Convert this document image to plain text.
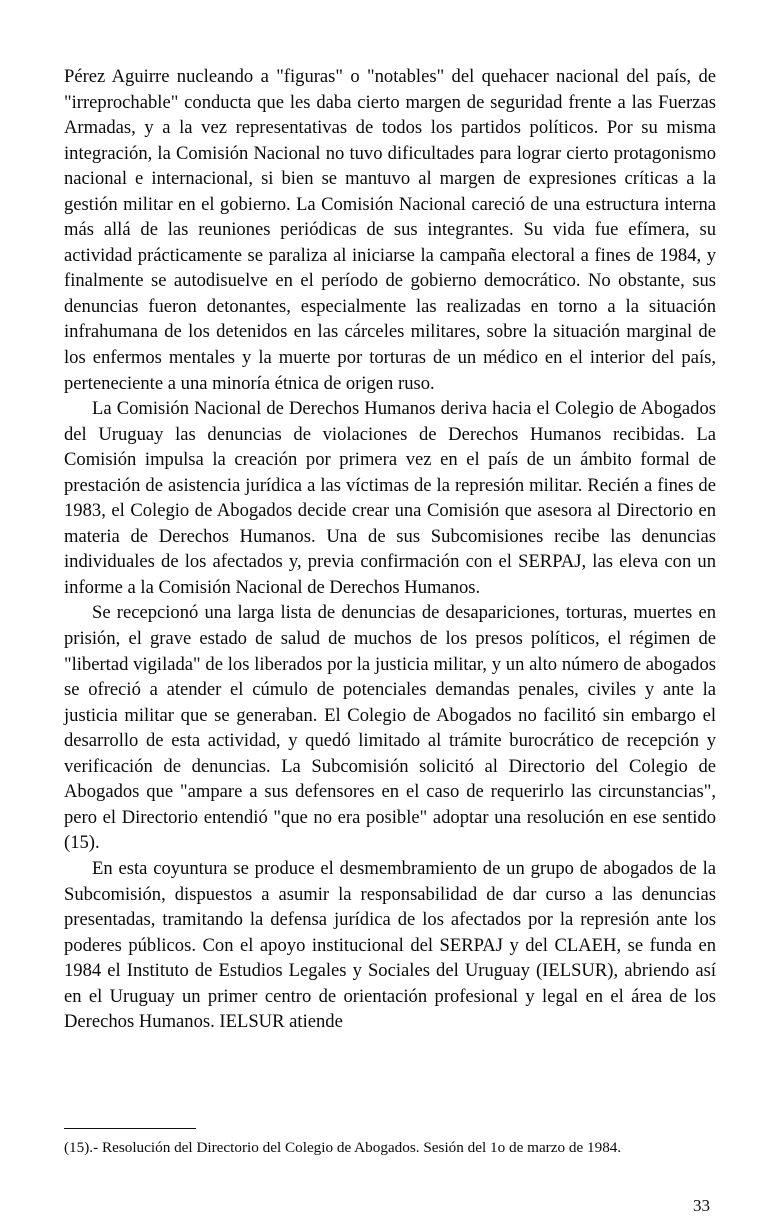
Pérez Aguirre nucleando a "figuras" o "notables" del quehacer nacional del país, de "irreprochable" conducta que les daba cierto margen de seguridad frente a las Fuerzas Armadas, y a la vez representativas de todos los partidos políticos. Por su misma integración, la Comisión Nacional no tuvo dificultades para lograr cierto protagonismo nacional e internacional, si bien se mantuvo al margen de expresiones críticas a la gestión militar en el gobierno. La Comisión Nacional careció de una estructura interna más allá de las reuniones periódicas de sus integrantes. Su vida fue efímera, su actividad prácticamente se paraliza al iniciarse la campaña electoral a fines de 1984, y finalmente se autodisuelve en el período de gobierno democrático. No obstante, sus denuncias fueron detonantes, especialmente las realizadas en torno a la situación infrahumana de los detenidos en las cárceles militares, sobre la situación marginal de los enfermos mentales y la muerte por torturas de un médico en el interior del país, perteneciente a una minoría étnica de origen ruso.

La Comisión Nacional de Derechos Humanos deriva hacia el Colegio de Abogados del Uruguay las denuncias de violaciones de Derechos Humanos recibidas. La Comisión impulsa la creación por primera vez en el país de un ámbito formal de prestación de asistencia jurídica a las víctimas de la represión militar. Recién a fines de 1983, el Colegio de Abogados decide crear una Comisión que asesora al Directorio en materia de Derechos Humanos. Una de sus Subcomisiones recibe las denuncias individuales de los afectados y, previa confirmación con el SERPAJ, las eleva con un informe a la Comisión Nacional de Derechos Humanos.

Se recepcionó una larga lista de denuncias de desapariciones, torturas, muertes en prisión, el grave estado de salud de muchos de los presos políticos, el régimen de "libertad vigilada" de los liberados por la justicia militar, y un alto número de abogados se ofreció a atender el cúmulo de potenciales demandas penales, civiles y ante la justicia militar que se generaban. El Colegio de Abogados no facilitó sin embargo el desarrollo de esta actividad, y quedó limitado al trámite burocrático de recepción y verificación de denuncias. La Subcomisión solicitó al Directorio del Colegio de Abogados que "ampare a sus defensores en el caso de requerirlo las circunstancias", pero el Directorio entendió "que no era posible" adoptar una resolución en ese sentido (15).

En esta coyuntura se produce el desmembramiento de un grupo de abogados de la Subcomisión, dispuestos a asumir la responsabilidad de dar curso a las denuncias presentadas, tramitando la defensa jurídica de los afectados por la represión ante los poderes públicos. Con el apoyo institucional del SERPAJ y del CLAEH, se funda en 1984 el Instituto de Estudios Legales y Sociales del Uruguay (IELSUR), abriendo así en el Uruguay un primer centro de orientación profesional y legal en el área de los Derechos Humanos. IELSUR atiende

(15).- Resolución del Directorio del Colegio de Abogados. Sesión del 1o de marzo de 1984.

33
